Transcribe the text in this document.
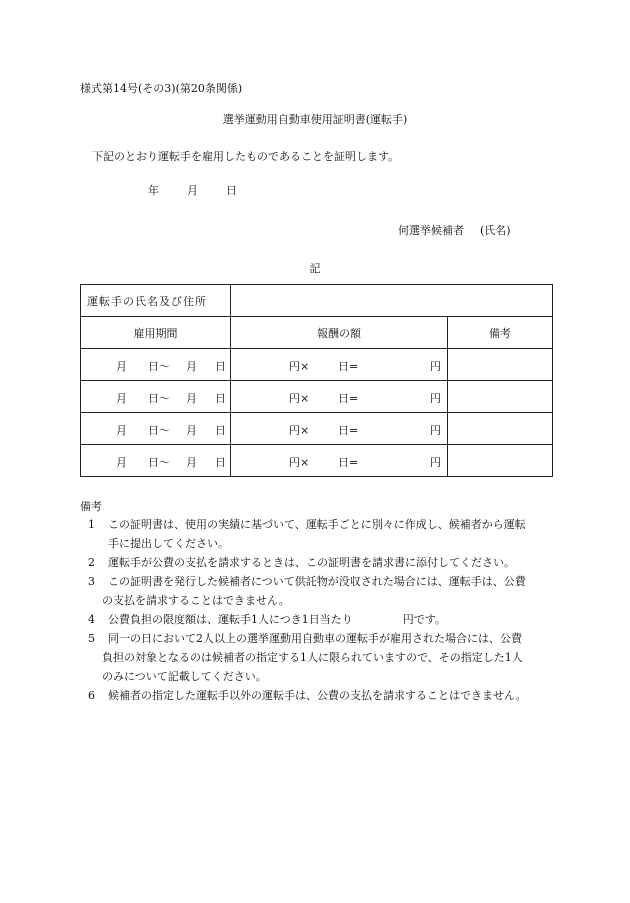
様式第14号(その3)(第20条関係)
選挙運動用自動車使用証明書(運転手)
下記のとおり運転手を雇用したものであることを証明します。
年	月	日
何選挙候補者 (氏名)
記
運転手の氏名及び住所		
雇用期間	報酬の額	備考

月 日〜 月 日	円× 日= 円	

月 日〜 月 日	円× 日= 円	

月 日〜 月 日	円× 日= 円	

月 日〜 月 日	円× 日= 円	

備考
1	この証明書は、使用の実績に基づいて、運転手ごとに別々に作成し、候補者から運転
手に提出してください。
2	運転手が公費の支払を請求するときは、この証明書を請求書に添付してください。
3	この証明書を発行した候補者について供託物が没収された場合には、運転手は、公費
の支払を請求することはできません。
4	公費負担の限度額は、運転手1人につき1日当たり	円です。
5	同一の日において2人以上の選挙運動用自動車の運転手が雇用された場合には、公費
負担の対象となるのは候補者の指定する1人に限られていますので、その指定した1人
のみについて記載してください。
6	候補者の指定した運転手以外の運転手は、公費の支払を請求することはできません。
